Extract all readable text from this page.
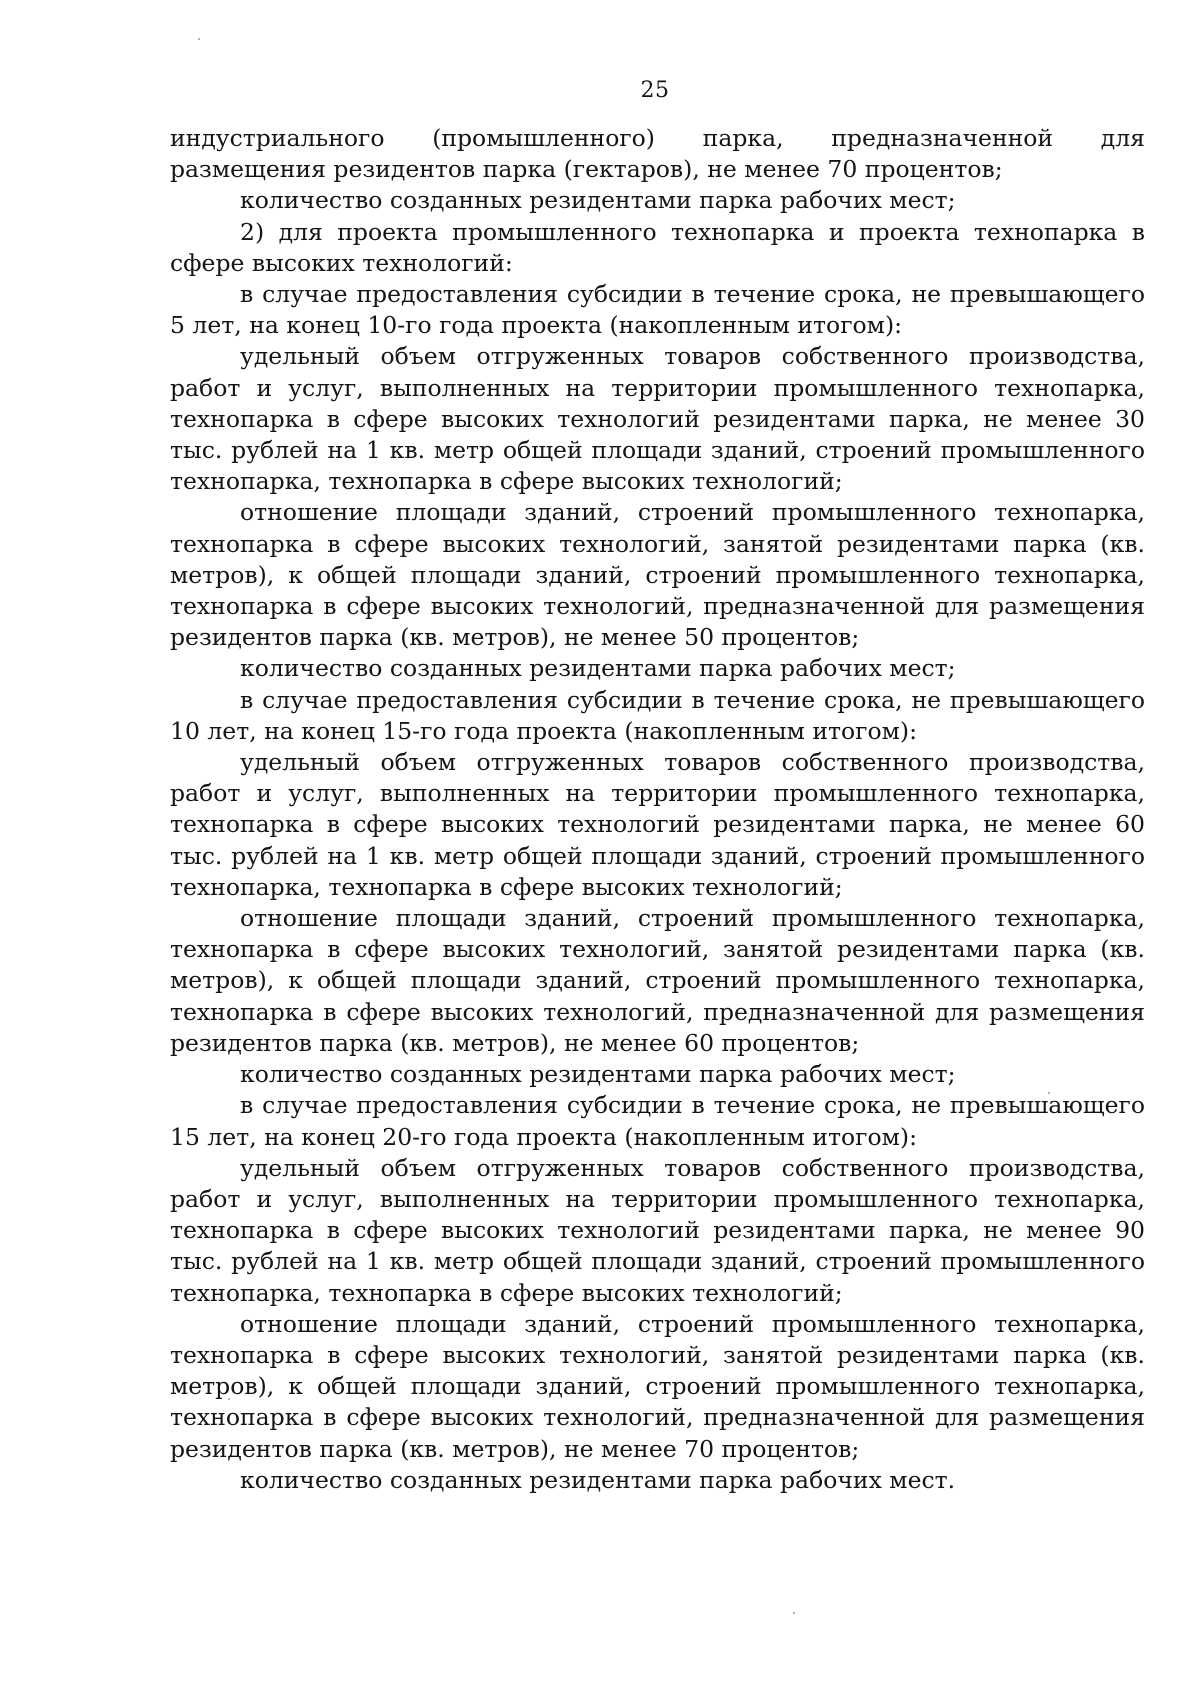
25

индустриального (промышленного) парка, предназначенной для размещения резидентов парка (гектаров), не менее 70 процентов;

количество созданных резидентами парка рабочих мест;

2) для проекта промышленного технопарка и проекта технопарка в сфере высоких технологий:

в случае предоставления субсидии в течение срока, не превышающего 5 лет, на конец 10-го года проекта (накопленным итогом):

удельный объем отгруженных товаров собственного производства, работ и услуг, выполненных на территории промышленного технопарка, технопарка в сфере высоких технологий резидентами парка, не менее 30 тыс. рублей на 1 кв. метр общей площади зданий, строений промышленного технопарка, технопарка в сфере высоких технологий;

отношение площади зданий, строений промышленного технопарка, технопарка в сфере высоких технологий, занятой резидентами парка (кв. метров), к общей площади зданий, строений промышленного технопарка, технопарка в сфере высоких технологий, предназначенной для размещения резидентов парка (кв. метров), не менее 50 процентов;

количество созданных резидентами парка рабочих мест;

в случае предоставления субсидии в течение срока, не превышающего 10 лет, на конец 15-го года проекта (накопленным итогом):

удельный объем отгруженных товаров собственного производства, работ и услуг, выполненных на территории промышленного технопарка, технопарка в сфере высоких технологий резидентами парка, не менее 60 тыс. рублей на 1 кв. метр общей площади зданий, строений промышленного технопарка, технопарка в сфере высоких технологий;

отношение площади зданий, строений промышленного технопарка, технопарка в сфере высоких технологий, занятой резидентами парка (кв. метров), к общей площади зданий, строений промышленного технопарка, технопарка в сфере высоких технологий, предназначенной для размещения резидентов парка (кв. метров), не менее 60 процентов;

количество созданных резидентами парка рабочих мест;

в случае предоставления субсидии в течение срока, не превышающего 15 лет, на конец 20-го года проекта (накопленным итогом):

удельный объем отгруженных товаров собственного производства, работ и услуг, выполненных на территории промышленного технопарка, технопарка в сфере высоких технологий резидентами парка, не менее 90 тыс. рублей на 1 кв. метр общей площади зданий, строений промышленного технопарка, технопарка в сфере высоких технологий;

отношение площади зданий, строений промышленного технопарка, технопарка в сфере высоких технологий, занятой резидентами парка (кв. метров), к общей площади зданий, строений промышленного технопарка, технопарка в сфере высоких технологий, предназначенной для размещения резидентов парка (кв. метров), не менее 70 процентов;

количество созданных резидентами парка рабочих мест.
